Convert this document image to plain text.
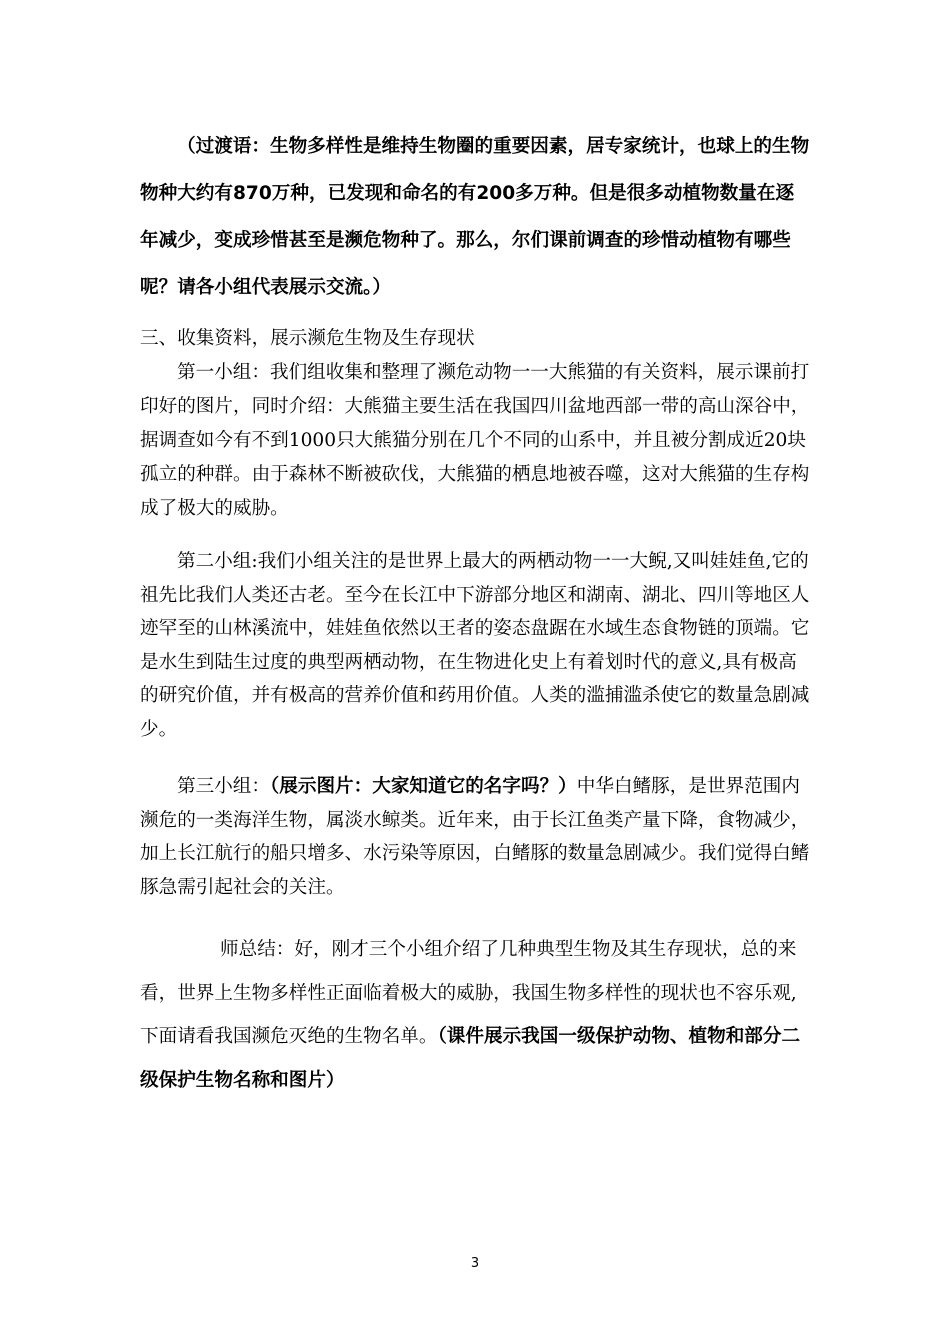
（过渡语：生物多样性是维持生物圈的重要因素，居专家统计，也球上的生物物种大约有870万种，已发现和命名的有200多万种。但是很多动植物数量在逐年减少，变成珍惜甚至是濒危物种了。那么，尔们课前调查的珍惜动植物有哪些呢？请各小组代表展示交流。）

三、收集资料，展示濒危生物及生存现状

第一小组：我们组收集和整理了濒危动物一一大熊猫的有关资料，展示课前打印好的图片，同时介绍：大熊猫主要生活在我国四川盆地西部一带的高山深谷中，据调查如今有不到1000只大熊猫分别在几个不同的山系中，并且被分割成近20块孤立的种群。由于森林不断被砍伐，大熊猫的栖息地被吞噬，这对大熊猫的生存构成了极大的威胁。

第二小组:我们小组关注的是世界上最大的两栖动物一一大鲵,又叫娃娃鱼,它的祖先比我们人类还古老。至今在长江中下游部分地区和湖南、湖北、四川等地区人迹罕至的山林溪流中，娃娃鱼依然以王者的姿态盘踞在水域生态食物链的顶端。它是水生到陆生过度的典型两栖动物，在生物进化史上有着划时代的意义,具有极高的研究价值，并有极高的营养价值和药用价值。人类的滥捕滥杀使它的数量急剧减少。

第三小组：（展示图片：大家知道它的名字吗？）中华白鳍豚，是世界范围内濒危的一类海洋生物，属淡水鲸类。近年来，由于长江鱼类产量下降，食物减少，加上长江航行的船只增多、水污染等原因，白鳍豚的数量急剧减少。我们觉得白鳍豚急需引起社会的关注。

师总结：好，刚才三个小组介绍了几种典型生物及其生存现状，总的来看，世界上生物多样性正面临着极大的威胁，我国生物多样性的现状也不容乐观,下面请看我国濒危灭绝的生物名单。（课件展示我国一级保护动物、植物和部分二级保护生物名称和图片）

3
